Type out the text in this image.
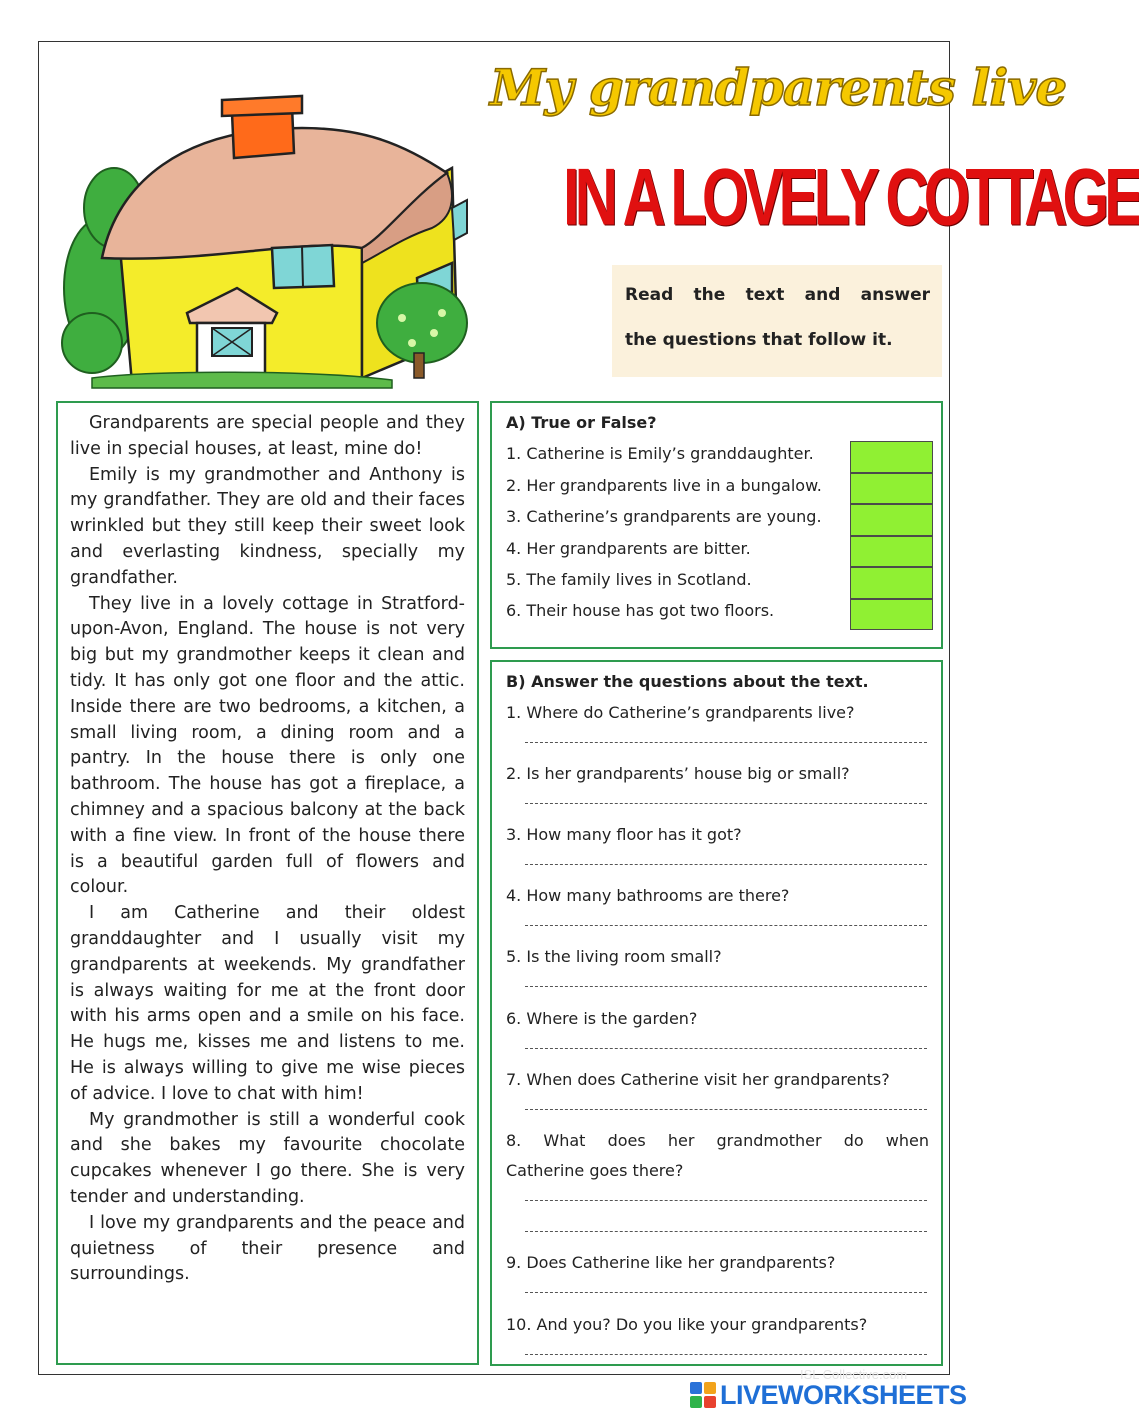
My grandparents live
IN A LOVELY COTTAGE
Read the text and answer
the questions that follow it.

Grandparents are special people and they live in special houses, at least, mine do!

Emily is my grandmother and Anthony is my grandfather. They are old and their faces wrinkled but they still keep their sweet look and everlasting kindness, specially my grandfather.

They live in a lovely cottage in Stratford-upon-Avon, England. The house is not very big but my grandmother keeps it clean and tidy. It has only got one floor and the attic. Inside there are two bedrooms, a kitchen, a small living room, a dining room and a pantry. In the house there is only one bathroom. The house has got a fireplace, a chimney and a spacious balcony at the back with a fine view. In front of the house there is a beautiful garden full of flowers and colour.

I am Catherine and their oldest granddaughter and I usually visit my grandparents at weekends. My grandfather is always waiting for me at the front door with his arms open and a smile on his face. He hugs me, kisses me and listens to me. He is always willing to give me wise pieces of advice. I love to chat with him!

My grandmother is still a wonderful cook and she bakes my favourite chocolate cupcakes whenever I go there. She is very tender and understanding.

I love my grandparents and the peace and quietness of their presence and surroundings.

A) True or False?
1. Catherine is Emily’s granddaughter.
2. Her grandparents live in a bungalow.
3. Catherine’s grandparents are young.
4. Her grandparents are bitter.
5. The family lives in Scotland.
6. Their house has got two floors.
B) Answer the questions about the text.
1. Where do Catherine’s grandparents live?
2. Is her grandparents’ house big or small?
3. How many floor has it got?
4. How many bathrooms are there?
5. Is the living room small?
6. Where is the garden?
7. When does Catherine visit her grandparents?
8. What does her grandmother do when
Catherine goes there?
9. Does Catherine like her grandparents?
10. And you? Do you like your grandparents?
ISL Collective.com
LIVEWORKSHEETS
